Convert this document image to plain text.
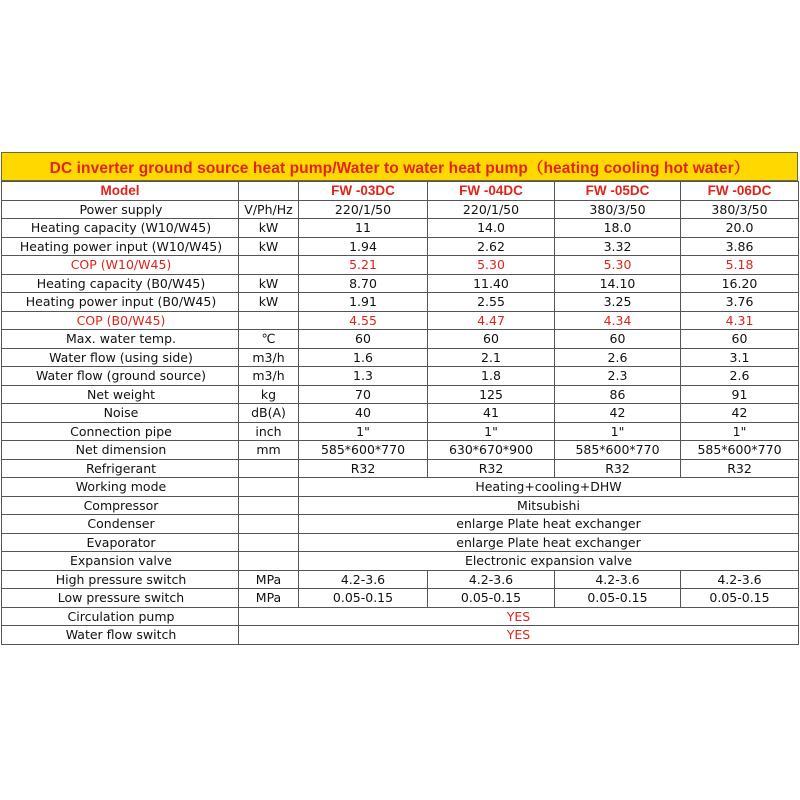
DC inverter ground source heat pump/Water to water heat pump（heating cooling hot water）
Model		FW -03DC	FW -04DC	FW -05DC	FW -06DC
Power supply	V/Ph/Hz	220/1/50	220/1/50	380/3/50	380/3/50
Heating capacity (W10/W45)	kW	11	14.0	18.0	20.0
Heating power input (W10/W45)	kW	1.94	2.62	3.32	3.86
COP (W10/W45)		5.21	5.30	5.30	5.18
Heating capacity (B0/W45)	kW	8.70	11.40	14.10	16.20
Heating power input (B0/W45)	kW	1.91	2.55	3.25	3.76
COP (B0/W45)		4.55	4.47	4.34	4.31
Max. water temp.	℃	60	60	60	60
Water flow (using side)	m3/h	1.6	2.1	2.6	3.1
Water flow (ground source)	m3/h	1.3	1.8	2.3	2.6
Net weight	kg	70	125	86	91
Noise	dB(A)	40	41	42	42
Connection pipe	inch	1"	1"	1"	1"
Net dimension	mm	585*600*770	630*670*900	585*600*770	585*600*770
Refrigerant		R32	R32	R32	R32
Working mode		Heating+cooling+DHW			
Compressor		Mitsubishi			
Condenser		enlarge Plate heat exchanger			
Evaporator		enlarge Plate heat exchanger			
Expansion valve		Electronic expansion valve			
High pressure switch	MPa	4.2-3.6	4.2-3.6	4.2-3.6	4.2-3.6
Low pressure switch	MPa	0.05-0.15	0.05-0.15	0.05-0.15	0.05-0.15
Circulation pump	YES				
Water flow switch	YES				
